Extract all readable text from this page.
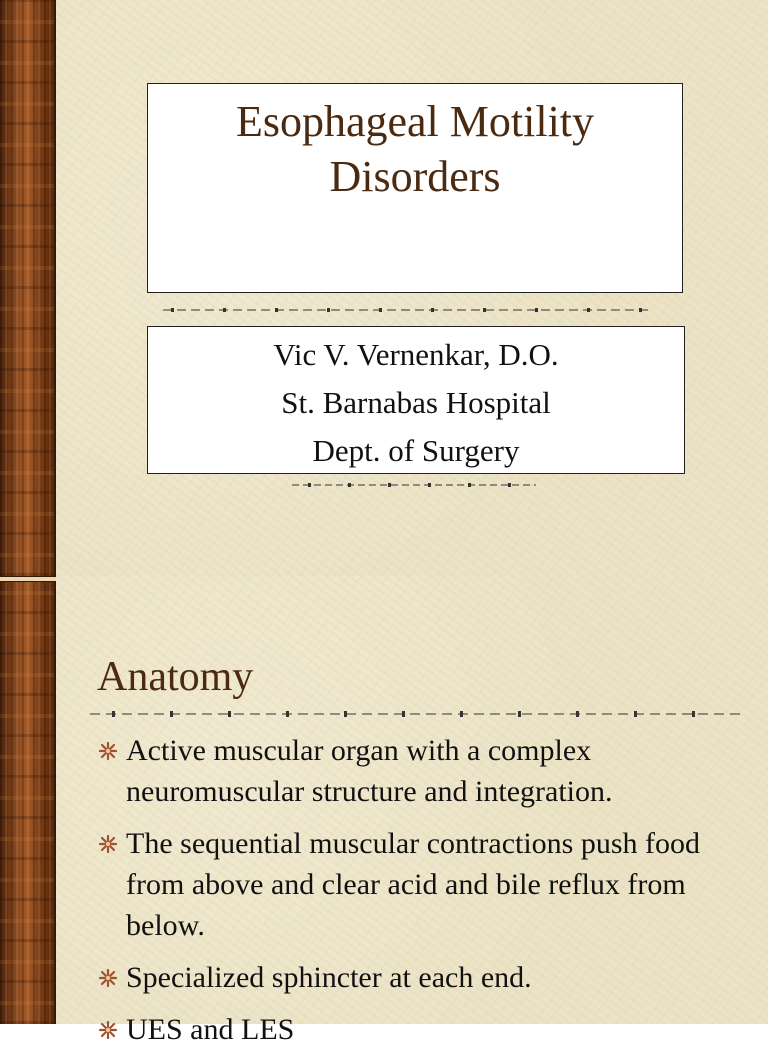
Esophageal Motility Disorders
Vic V. Vernenkar, D.O.
St. Barnabas Hospital
Dept. of Surgery
Anatomy
Active muscular organ with a complex neuromuscular structure and integration.
The sequential muscular contractions push food from above and clear acid and bile reflux from below.
Specialized sphincter at each end.
UES and LES
